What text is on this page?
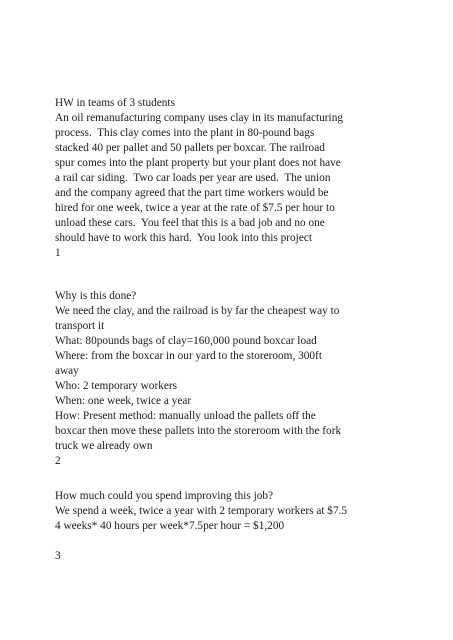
HW in teams of 3 students
An oil remanufacturing company uses clay in its manufacturing
process.  This clay comes into the plant in 80-pound bags
stacked 40 per pallet and 50 pallets per boxcar. The railroad
spur comes into the plant property but your plant does not have
a rail car siding.  Two car loads per year are used.  The union
and the company agreed that the part time workers would be
hired for one week, twice a year at the rate of $7.5 per hour to
unload these cars.  You feel that this is a bad job and no one
should have to work this hard.  You look into this project
1
Why is this done?
We need the clay, and the railroad is by far the cheapest way to
transport it
What: 80pounds bags of clay=160,000 pound boxcar load
Where: from the boxcar in our yard to the storeroom, 300ft
away
Who: 2 temporary workers
When: one week, twice a year
How: Present method: manually unload the pallets off the
boxcar then move these pallets into the storeroom with the fork
truck we already own
2
How much could you spend improving this job?
We spend a week, twice a year with 2 temporary workers at $7.5
4 weeks* 40 hours per week*7.5per hour = $1,200
3
